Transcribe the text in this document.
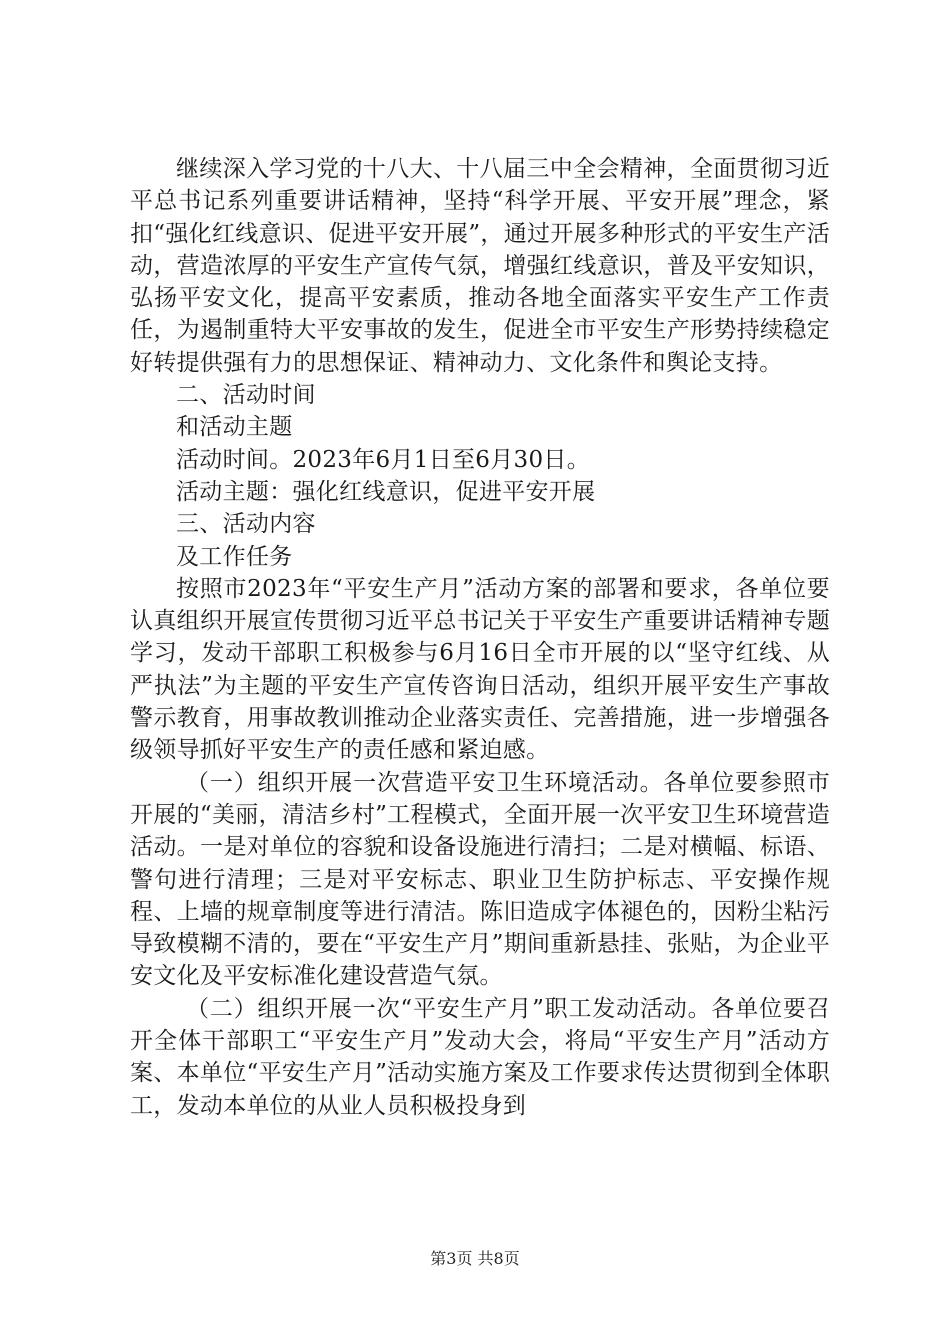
继续深入学习党的十八大、十八届三中全会精神，全面贯彻习近平总书记系列重要讲话精神，坚持“科学开展、平安开展”理念，紧扣“强化红线意识、促进平安开展”，通过开展多种形式的平安生产活动，营造浓厚的平安生产宣传气氛，增强红线意识，普及平安知识，弘扬平安文化，提高平安素质，推动各地全面落实平安生产工作责任，为遏制重特大平安事故的发生，促进全市平安生产形势持续稳定好转提供强有力的思想保证、精神动力、文化条件和舆论支持。

二、活动时间

和活动主题

活动时间。2023年6月1日至6月30日。

活动主题：强化红线意识，促进平安开展

三、活动内容

及工作任务

按照市2023年“平安生产月”活动方案的部署和要求，各单位要认真组织开展宣传贯彻习近平总书记关于平安生产重要讲话精神专题学习，发动干部职工积极参与6月16日全市开展的以“坚守红线、从严执法”为主题的平安生产宣传咨询日活动，组织开展平安生产事故警示教育，用事故教训推动企业落实责任、完善措施，进一步增强各级领导抓好平安生产的责任感和紧迫感。

（一）组织开展一次营造平安卫生环境活动。各单位要参照市开展的“美丽，清洁乡村”工程模式，全面开展一次平安卫生环境营造活动。一是对单位的容貌和设备设施进行清扫；二是对横幅、标语、警句进行清理；三是对平安标志、职业卫生防护标志、平安操作规程、上墙的规章制度等进行清洁。陈旧造成字体褪色的，因粉尘粘污导致模糊不清的，要在“平安生产月”期间重新悬挂、张贴，为企业平安文化及平安标准化建设营造气氛。

（二）组织开展一次“平安生产月”职工发动活动。各单位要召开全体干部职工“平安生产月”发动大会，将局“平安生产月”活动方案、本单位“平安生产月”活动实施方案及工作要求传达贯彻到全体职工，发动本单位的从业人员积极投身到

第3页 共8页
